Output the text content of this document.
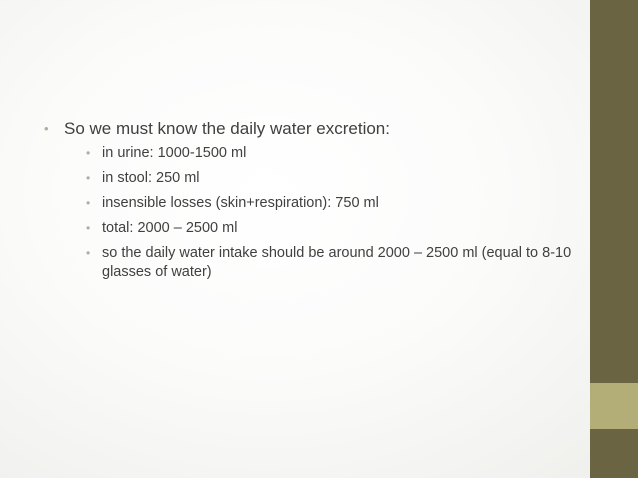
• So we must know the daily water excretion:
• in urine: 1000-1500 ml
• in stool: 250 ml
• insensible losses (skin+respiration): 750 ml
• total: 2000 – 2500 ml
• so the daily water intake should be around 2000 – 2500 ml (equal to 8-10 glasses of water)
